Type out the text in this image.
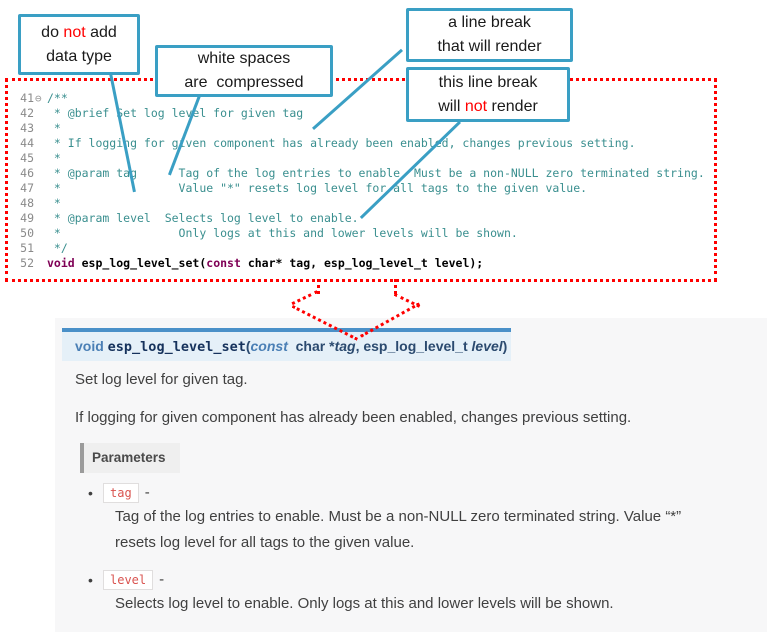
41 ⊖ /**
42 * @brief Set log level for given tag
43 *
44 * If logging for given component has already been enabled, changes previous setting.
45 *
46 * @param tag      Tag of the log entries to enable. Must be a non-NULL zero terminated string.
47 *                 Value "*" resets log level for all tags to the given value.
48 *
49 * @param level  Selects log level to enable.
50 *                 Only logs at this and lower levels will be shown.
51 */
52 void esp_log_level_set(const char* tag, esp_log_level_t level);
do not add
data type	white spaces
are  compressed
a line break
that will render
this line break
will not render
void esp_log_level_set(const  char *tag, esp_log_level_t level)
Set log level for given tag.
If logging for given component has already been enabled, changes previous setting.
Parameters
•	tag -
Tag of the log entries to enable. Must be a non-NULL zero terminated string. Value “*”
resets log level for all tags to the given value.
•	level -
Selects log level to enable. Only logs at this and lower levels will be shown.
